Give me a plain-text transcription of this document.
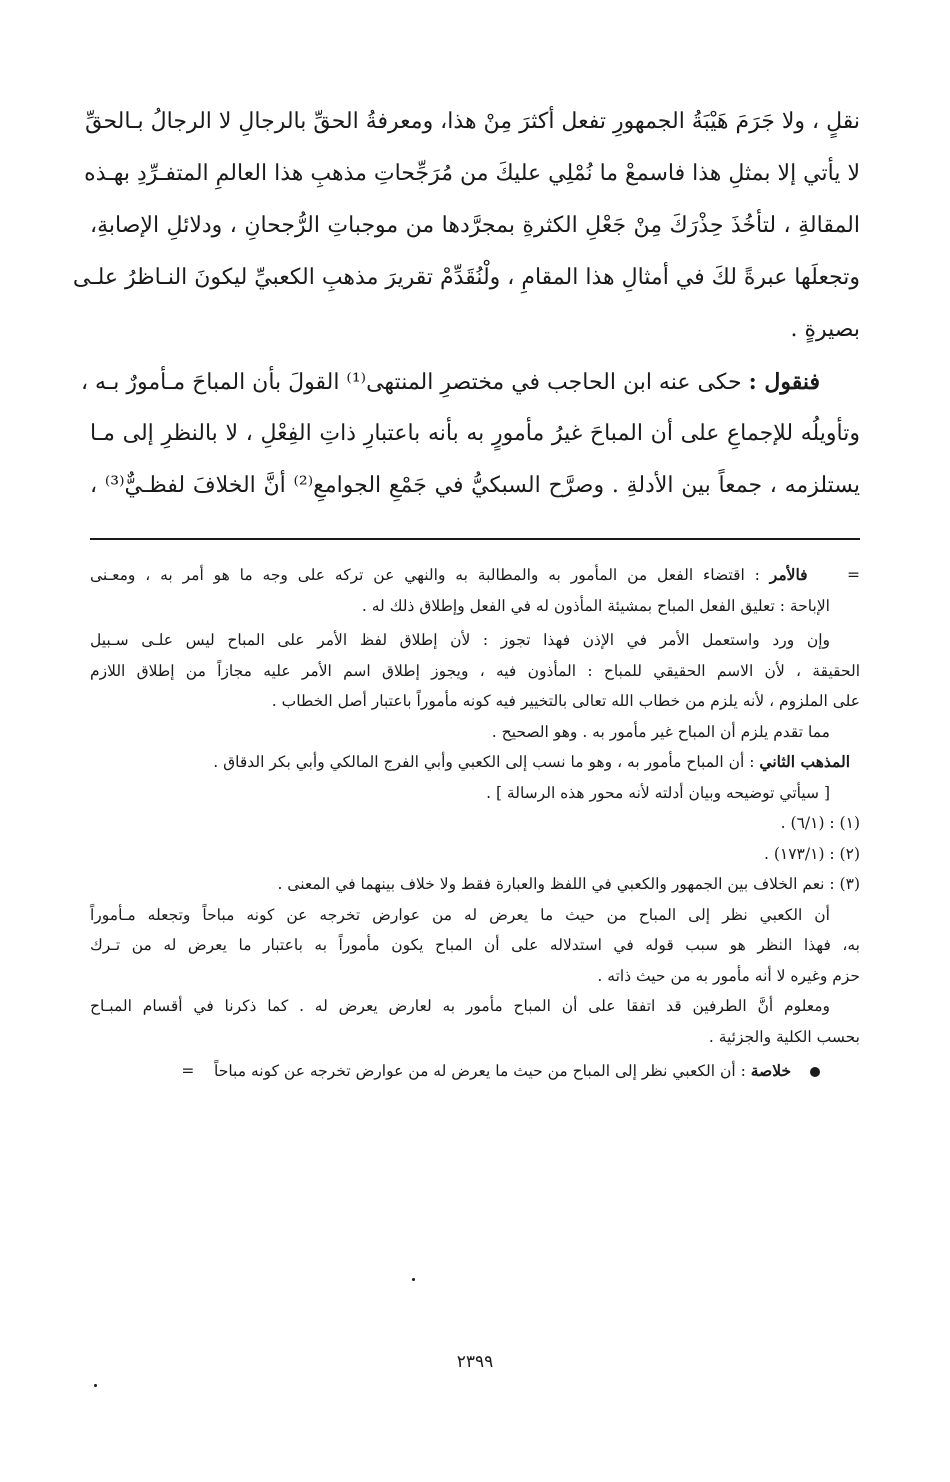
نقلٍ ، ولا جَرَمَ هَيْبَةُ الجمهورِ تفعل أكثرَ مِنْ هذا، ومعرفةُ الحقِّ بالرجالِ لا الرجالُ بـالحقِّ
لا يأتي إلا بمثلِ هذا فاسمعْ ما نُمْلِي عليكَ من مُرَجِّحاتِ مذهبِ هذا العالمِ المتفـرِّدِ بهـذه
المقالةِ ، لتأخُذَ حِذْرَكَ مِنْ جَعْلِ الكثرةِ بمجرَّدها من موجباتِ الرُّجحانِ ، ودلائلِ الإصابةِ،
وتجعلَها عبرةً لكَ في أمثالِ هذا المقامِ ، ولْنُقَدِّمْ تقريرَ مذهبِ الكعبيِّ ليكونَ النـاظرُ علـى
بصيرةٍ .
فنقول : حكى عنه ابن الحاجب في مختصرِ المنتهى⁽¹⁾ القولَ بأن المباحَ مـأمورٌ بـه ،
وتأويلُه للإجماعِ على أن المباحَ غيرُ مأمورٍ به بأنه باعتبارِ ذاتِ الفِعْلِ ، لا بالنظرِ إلى مـا
يستلزمه ، جمعاً بين الأدلةِ . وصرَّح السبكيُّ في جَمْعِ الجوامعِ⁽²⁾ أنَّ الخلافَ لفظـيٌّ⁽³⁾ ،
=    فالأمر : اقتضاء الفعل من المأمور به والمطالبة به والنهي عن تركه على وجه ما هو أمر به ، ومعـنى
الإباحة : تعليق الفعل المباح بمشيئة المأذون له في الفعل وإطلاق ذلك له .
وإن ورد واستعمل الأمر في الإذن فهذا تجوز : لأن إطلاق لفظ الأمر على المباح ليس علـى سـبيل
الحقيقة ، لأن الاسم الحقيقي للمباح : المأذون فيه ، ويجوز إطلاق اسم الأمر عليه مجازاً من إطلاق اللازم
على الملزوم ، لأنه يلزم من خطاب الله تعالى بالتخيير فيه كونه مأموراً باعتبار أصل الخطاب .
مما تقدم يلزم أن المباح غير مأمور به . وهو الصحيح .
المذهب الثاني : أن المباح مأمور به ، وهو ما نسب إلى الكعبي وأبي الفرج المالكي وأبي بكر الدقاق .
[ سيأتي توضيحه وبيان أدلته لأنه محور هذه الرسالة ] .
(١) : (٦/١) .
(٢) : (١٧٣/١) .
(٣) : نعم الخلاف بين الجمهور والكعبي في اللفظ والعبارة فقط ولا خلاف بينهما في المعنى .
أن الكعبي نظر إلى المباح من حيث ما يعرض له من عوارض تخرجه عن كونه مباحاً وتجعله مـأموراً
به، فهذا النظر هو سبب قوله في استدلاله على أن المباح يكون مأموراً به باعتبار ما يعرض له من تـرك
حزم وغيره لا أنه مأمور به من حيث ذاته .
ومعلوم أنَّ الطرفين قد اتفقا على أن المباح مأمور به لعارض يعرض له . كما ذكرنا في أقسام المبـاح
بحسب الكلية والجزئية .
خلاصة : أن الكعبي نظر إلى المباح من حيث ما يعرض له من عوارض تخرجه عن كونه مباحاً    =
٢٣٩٩
